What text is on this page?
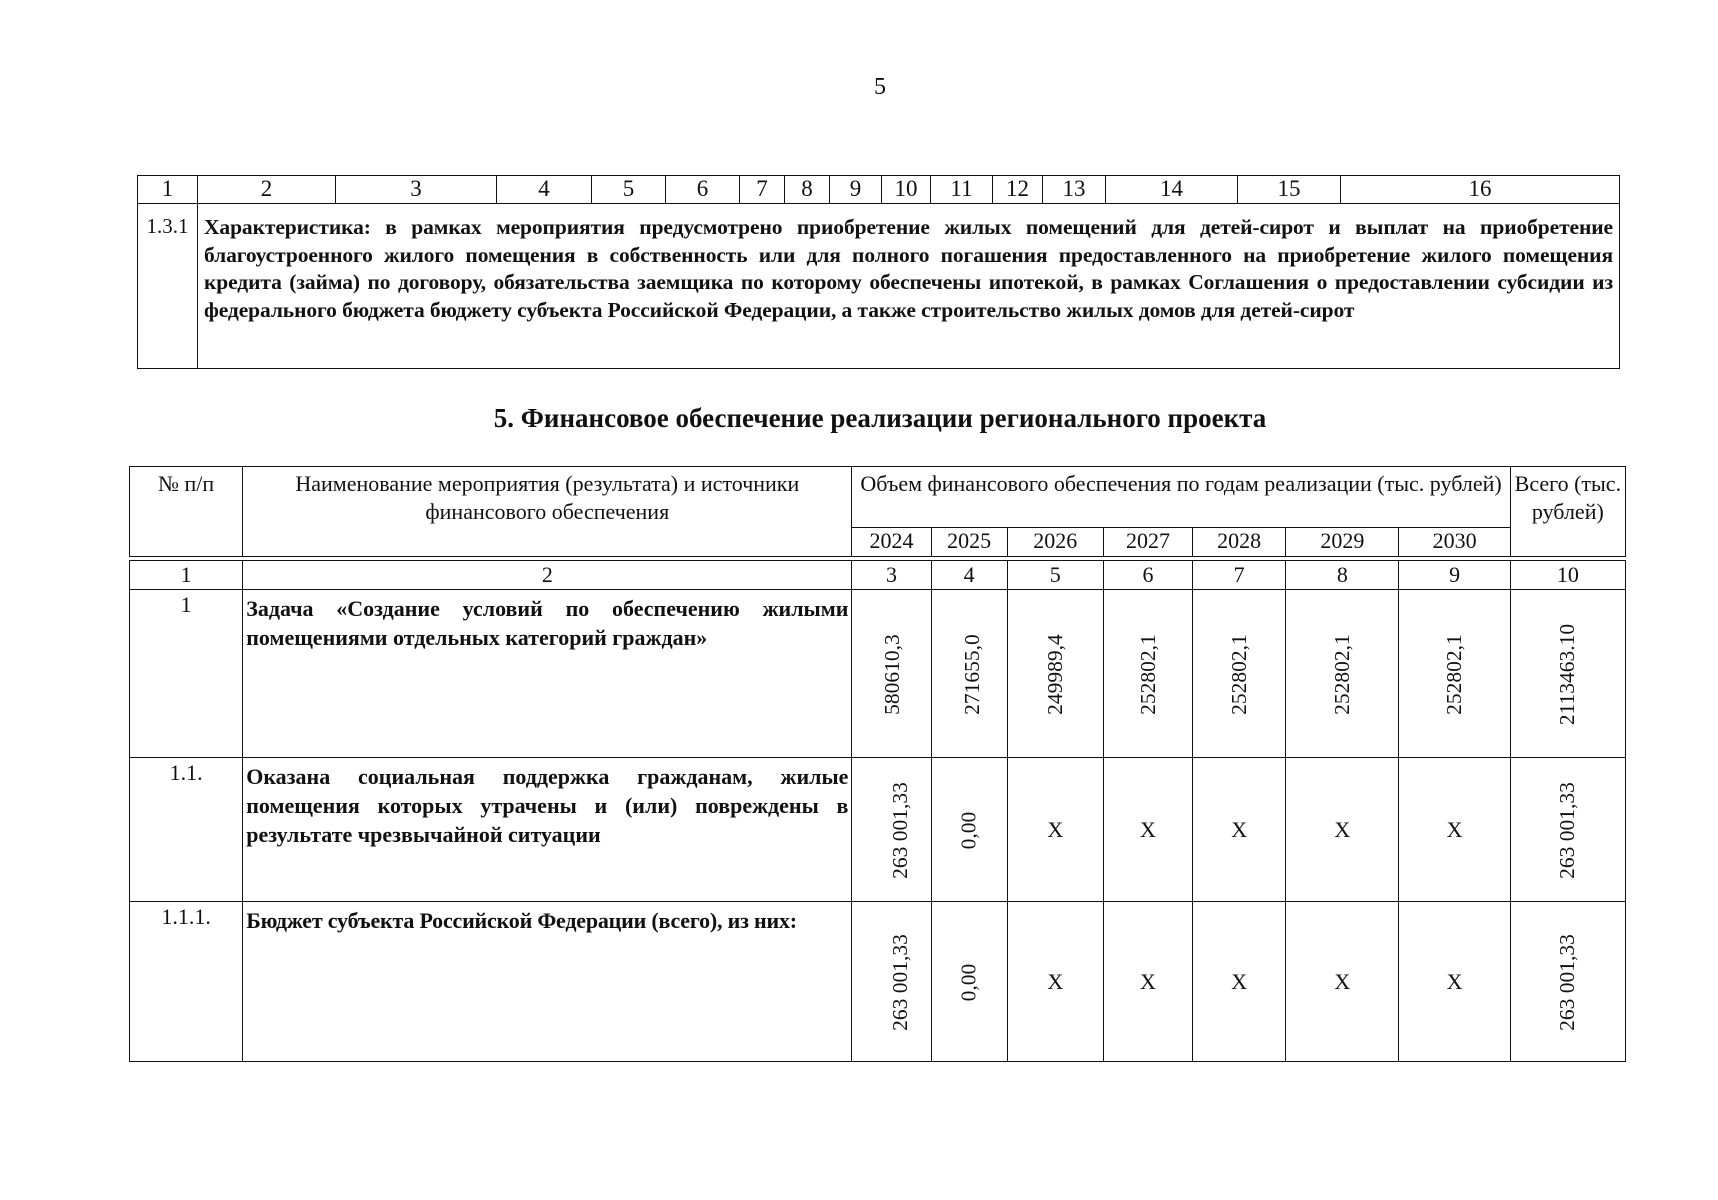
5
1	2	3	4	5	6	7	8	9	10	11	12	13	14	15	16
1.3.1	Характеристика: в рамках мероприятия предусмотрено приобретение жилых помещений для детей-сирот и выплат на приобретение благоустроенного жилого помещения в собственность или для полного погашения предоставленного на приобретение жилого помещения кредита (займа) по договору, обязательства заемщика по которому обеспечены ипотекой, в рамках Соглашения о предоставлении субсидии из федерального бюджета бюджету субъекта Российской Федерации, а также строительство жилых домов для детей-сирот														
5. Финансовое обеспечение реализации регионального проекта
№ п/п	Наименование мероприятия (результата) и источники финансового обеспечения	Объем финансового обеспечения по годам реализации (тыс. рублей)							Всего (тыс. рублей)
		2024	2025	2026	2027	2028	2029	2030	

1	2	3	4	5	6	7	8	9	10
1	Задача «Создание условий по обеспечению жилыми помещениями отдельных категорий граждан»	580610,3	271655,0	249989,4	252802,1	252802,1	252802,1	252802,1	2113463.10
1.1.	Оказана социальная поддержка гражданам, жилые помещения которых утрачены и (или) повреждены в результате чрезвычайной ситуации	263 001,33	0,00	X	X	X	X	X	263 001,33
1.1.1.	Бюджет субъекта Российской Федерации (всего), из них:	263 001,33	0,00	X	X	X	X	X	263 001,33
